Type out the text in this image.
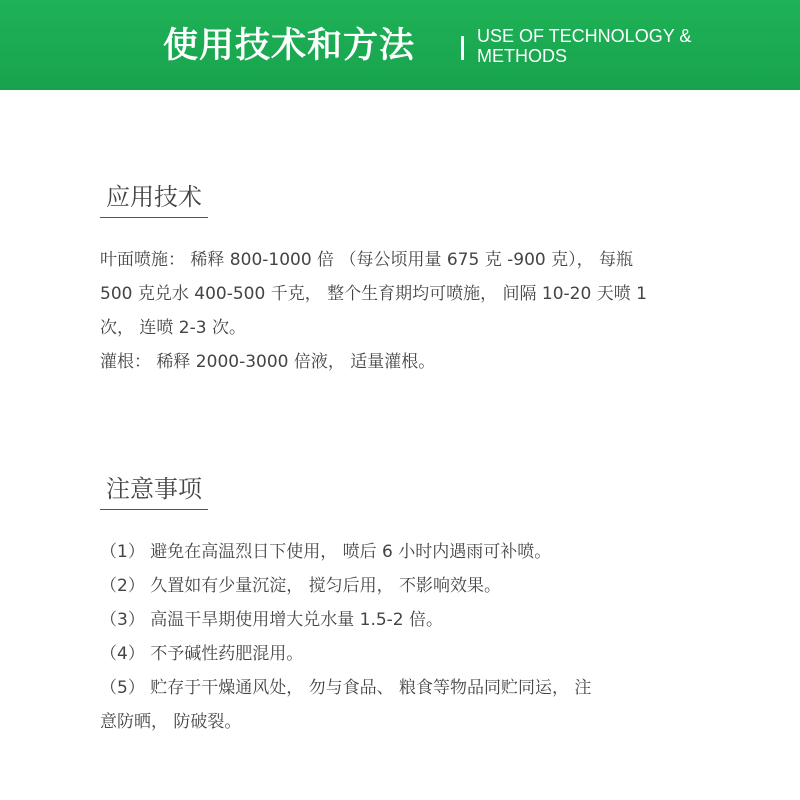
使用技术和方法	USE OF TECHNOLOGY &
METHODS
应用技术
叶面喷施： 稀释 800-1000 倍 （每公顷用量 675 克 -900 克）， 每瓶
500 克兑水 400-500 千克， 整个生育期均可喷施， 间隔 10-20 天喷 1
次， 连喷 2-3 次。
灌根： 稀释 2000-3000 倍液， 适量灌根。
注意事项
（1） 避免在高温烈日下使用， 喷后 6 小时内遇雨可补喷。
（2） 久置如有少量沉淀， 搅匀后用， 不影响效果。
（3） 高温干旱期使用增大兑水量 1.5-2 倍。
（4） 不予碱性药肥混用。
（5） 贮存于干燥通风处， 勿与食品、 粮食等物品同贮同运， 注
意防晒， 防破裂。
